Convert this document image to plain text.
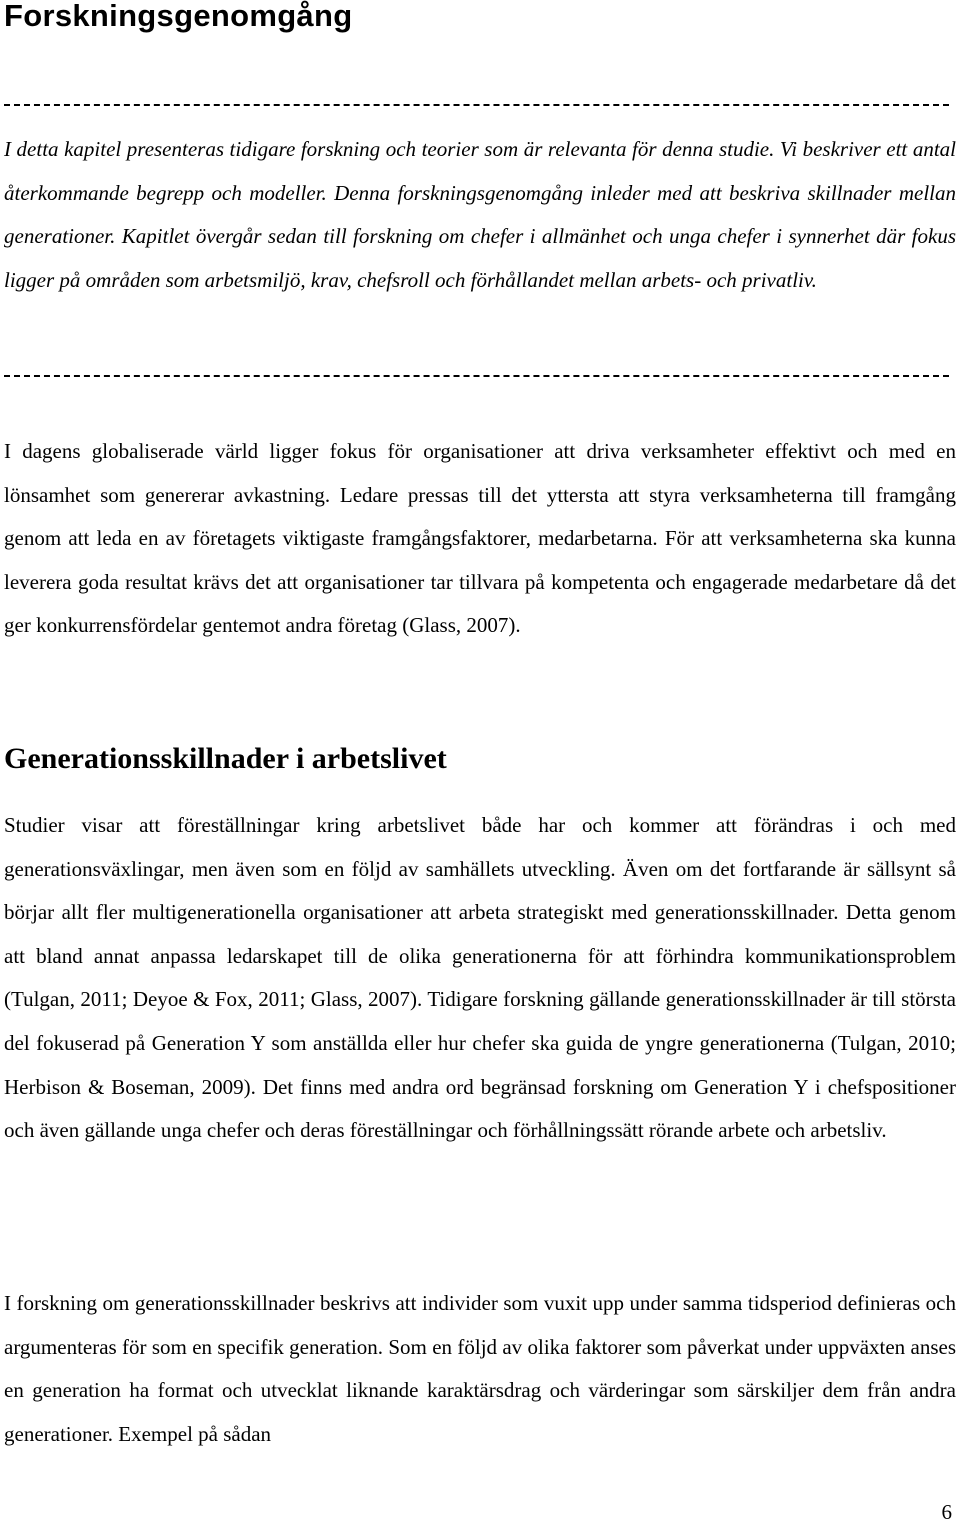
Forskningsgenomgång

I detta kapitel presenteras tidigare forskning och teorier som är relevanta för denna studie. Vi beskriver ett antal återkommande begrepp och modeller. Denna forskningsgenomgång inleder med att beskriva skillnader mellan generationer. Kapitlet övergår sedan till forskning om chefer i allmänhet och unga chefer i synnerhet där fokus ligger på områden som arbetsmiljö, krav, chefsroll och förhållandet mellan arbets- och privatliv.

I dagens globaliserade värld ligger fokus för organisationer att driva verksamheter effektivt och med en lönsamhet som genererar avkastning. Ledare pressas till det yttersta att styra verksamheterna till framgång genom att leda en av företagets viktigaste framgångsfaktorer, medarbetarna. För att verksamheterna ska kunna leverera goda resultat krävs det att organisationer tar tillvara på kompetenta och engagerade medarbetare då det ger konkurrensfördelar gentemot andra företag (Glass, 2007).

Generationsskillnader i arbetslivet

Studier visar att föreställningar kring arbetslivet både har och kommer att förändras i och med generationsväxlingar, men även som en följd av samhällets utveckling. Även om det fortfarande är sällsynt så börjar allt fler multigenerationella organisationer att arbeta strategiskt med generationsskillnader. Detta genom att bland annat anpassa ledarskapet till de olika generationerna för att förhindra kommunikationsproblem (Tulgan, 2011; Deyoe & Fox, 2011; Glass, 2007). Tidigare forskning gällande generationsskillnader är till största del fokuserad på Generation Y som anställda eller hur chefer ska guida de yngre generationerna (Tulgan, 2010; Herbison & Boseman, 2009). Det finns med andra ord begränsad forskning om Generation Y i chefspositioner och även gällande unga chefer och deras föreställningar och förhållningssätt rörande arbete och arbetsliv.

I forskning om generationsskillnader beskrivs att individer som vuxit upp under samma tidsperiod definieras och argumenteras för som en specifik generation. Som en följd av olika faktorer som påverkat under uppväxten anses en generation ha format och utvecklat liknande karaktärsdrag och värderingar som särskiljer dem från andra generationer. Exempel på sådan

6
